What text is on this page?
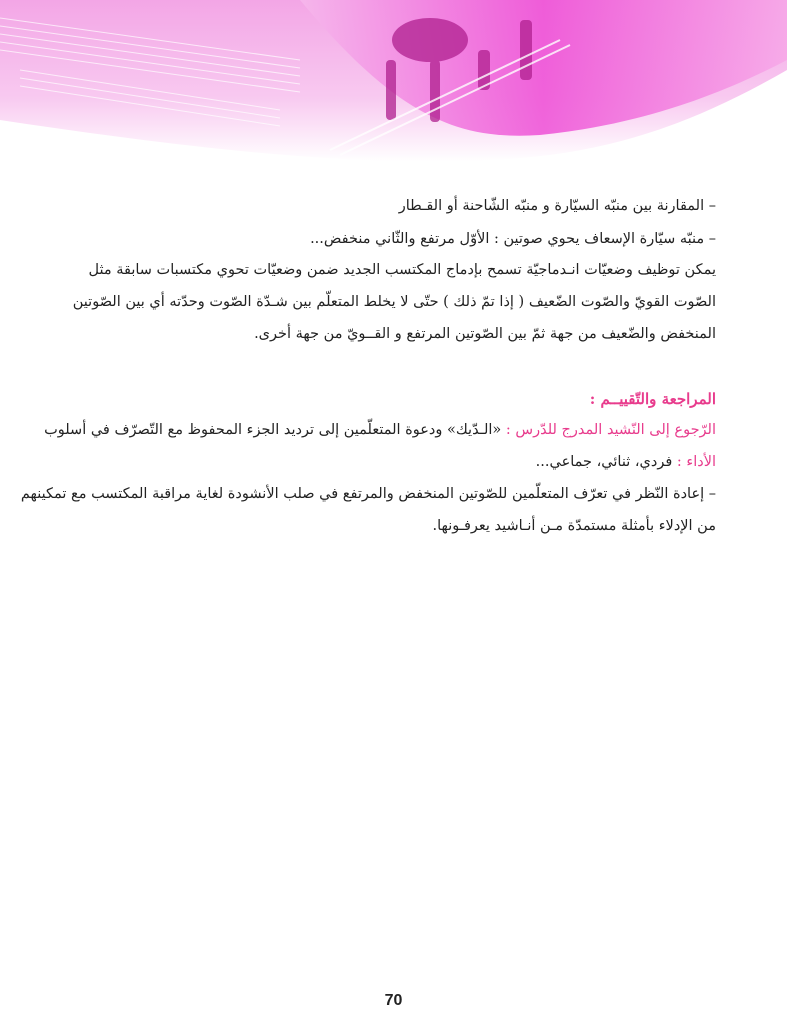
– المقارنة بين منبّه السيّارة و منبّه الشّاحنة أو القـطار
– منبّه سيّارة الإسعاف يحوي صوتين : الأوّل مرتفع والثّاني منخفض...
يمكن توظيف وضعيّات انـدماجيّة تسمح بإدماج المكتسب الجديد ضمن وضعيّات تحوي مكتسبات سابقة مثل
الصّوت القويّ والصّوت الضّعيف ( إذا تمّ ذلك ) حتّى لا يخلط المتعلّم بين شـدّة الصّوت وحدّته أي بين الصّوتين
المنخفض والضّعيف من جهة ثمّ بين الصّوتين المرتفع و القــويّ من جهة أخرى.
المراجعة والتّقييــم :
الرّجوع إلى النّشيد المدرج للدّرس : «الـدّيك» ودعوة المتعلّمين إلى ترديد الجزء المحفوظ مع التّصرّف في أسلوب
الأداء : فردي، ثنائي، جماعي...
– إعادة النّظر في تعرّف المتعلّمين للصّوتين المنخفض والمرتفع في صلب الأنشودة لغاية مراقبة المكتسب مع تمكينهم
من الإدلاء بأمثلة مستمدّة مـن أنـاشيد يعرفـونها.
70
